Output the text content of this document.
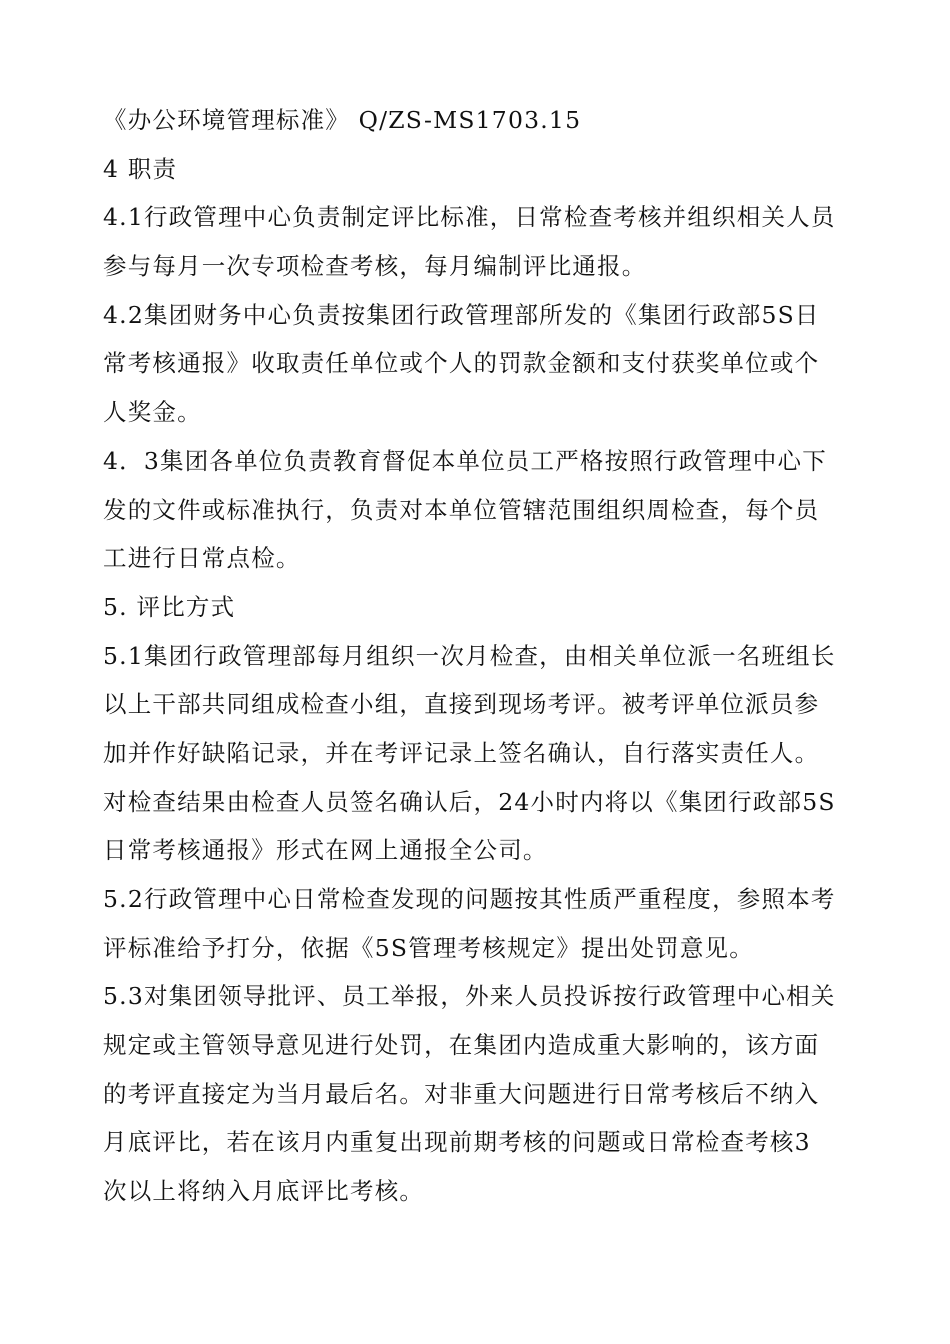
《办公环境管理标准》 Q/ZS-MS1703.15
4 职责
4.1行政管理中心负责制定评比标准，日常检查考核并组织相关人员
参与每月一次专项检查考核，每月编制评比通报。
4.2集团财务中心负责按集团行政管理部所发的《集团行政部5S日
常考核通报》收取责任单位或个人的罚款金额和支付获奖单位或个
人奖金。
4．3集团各单位负责教育督促本单位员工严格按照行政管理中心下
发的文件或标准执行，负责对本单位管辖范围组织周检查，每个员
工进行日常点检。
5. 评比方式
5.1集团行政管理部每月组织一次月检查，由相关单位派一名班组长
以上干部共同组成检查小组，直接到现场考评。被考评单位派员参
加并作好缺陷记录，并在考评记录上签名确认，自行落实责任人。
对检查结果由检查人员签名确认后，24小时内将以《集团行政部5S
日常考核通报》形式在网上通报全公司。
5.2行政管理中心日常检查发现的问题按其性质严重程度，参照本考
评标准给予打分，依据《5S管理考核规定》提出处罚意见。
5.3对集团领导批评、员工举报，外来人员投诉按行政管理中心相关
规定或主管领导意见进行处罚，在集团内造成重大影响的，该方面
的考评直接定为当月最后名。对非重大问题进行日常考核后不纳入
月底评比，若在该月内重复出现前期考核的问题或日常检查考核3
次以上将纳入月底评比考核。
